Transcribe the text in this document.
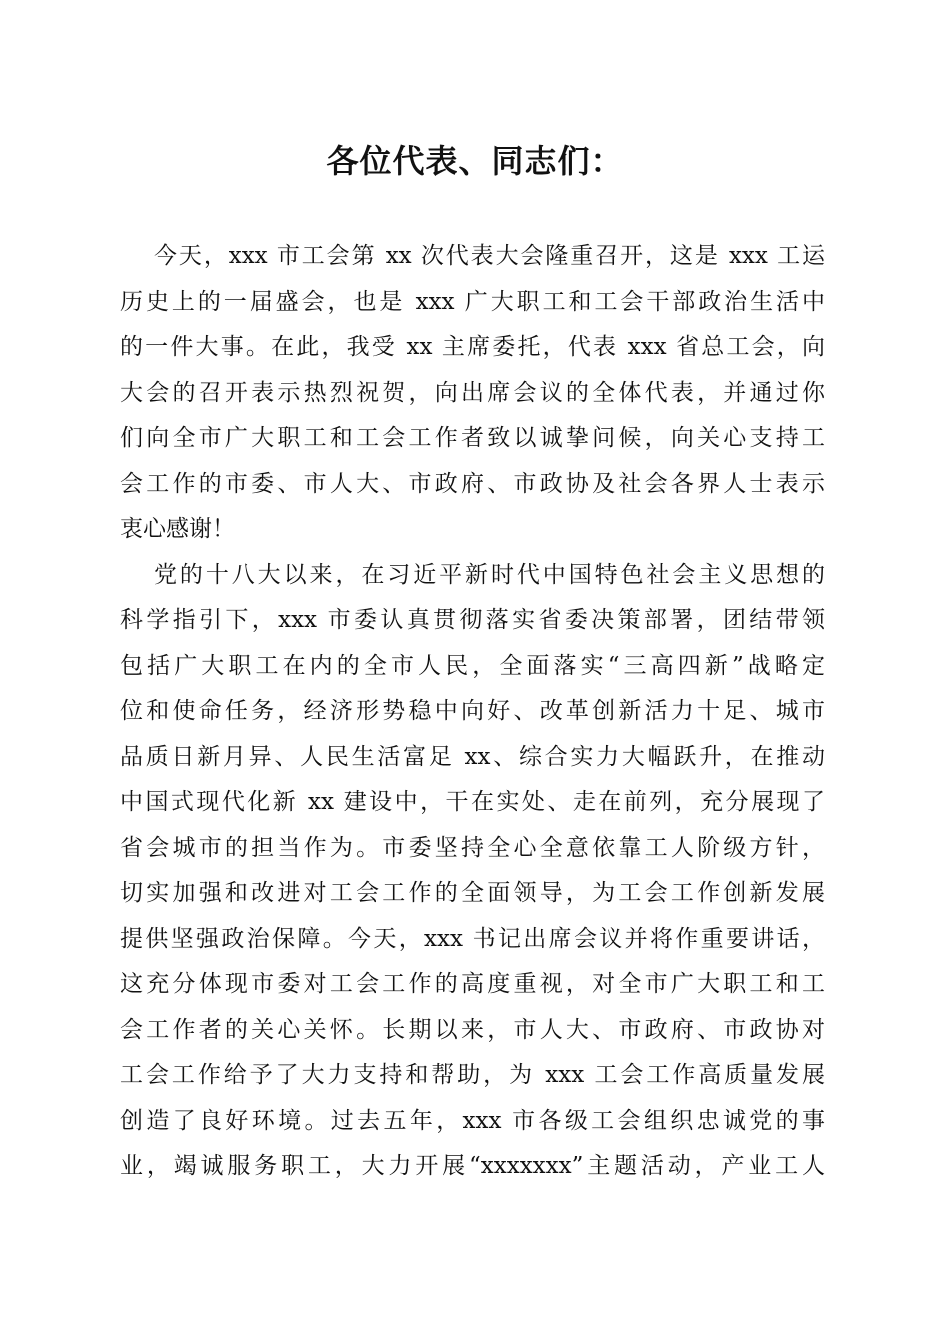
各位代表、同志们：
今天，xxx 市工会第 xx 次代表大会隆重召开，这是 xxx 工运
历史上的一届盛会，也是 xxx 广大职工和工会干部政治生活中
的一件大事。在此，我受 xx 主席委托，代表 xxx 省总工会，向
大会的召开表示热烈祝贺，向出席会议的全体代表，并通过你
们向全市广大职工和工会工作者致以诚挚问候，向关心支持工
会工作的市委、市人大、市政府、市政协及社会各界人士表示
衷心感谢！
党的十八大以来，在习近平新时代中国特色社会主义思想的
科学指引下，xxx 市委认真贯彻落实省委决策部署，团结带领
包括广大职工在内的全市人民，全面落实“三高四新”战略定
位和使命任务，经济形势稳中向好、改革创新活力十足、城市
品质日新月异、人民生活富足 xx、综合实力大幅跃升，在推动
中国式现代化新 xx 建设中，干在实处、走在前列，充分展现了
省会城市的担当作为。市委坚持全心全意依靠工人阶级方针，
切实加强和改进对工会工作的全面领导，为工会工作创新发展
提供坚强政治保障。今天，xxx 书记出席会议并将作重要讲话，
这充分体现市委对工会工作的高度重视，对全市广大职工和工
会工作者的关心关怀。长期以来，市人大、市政府、市政协对
工会工作给予了大力支持和帮助，为 xxx 工会工作高质量发展
创造了良好环境。过去五年，xxx 市各级工会组织忠诚党的事
业，竭诚服务职工，大力开展“xxxxxxx”主题活动，产业工人
